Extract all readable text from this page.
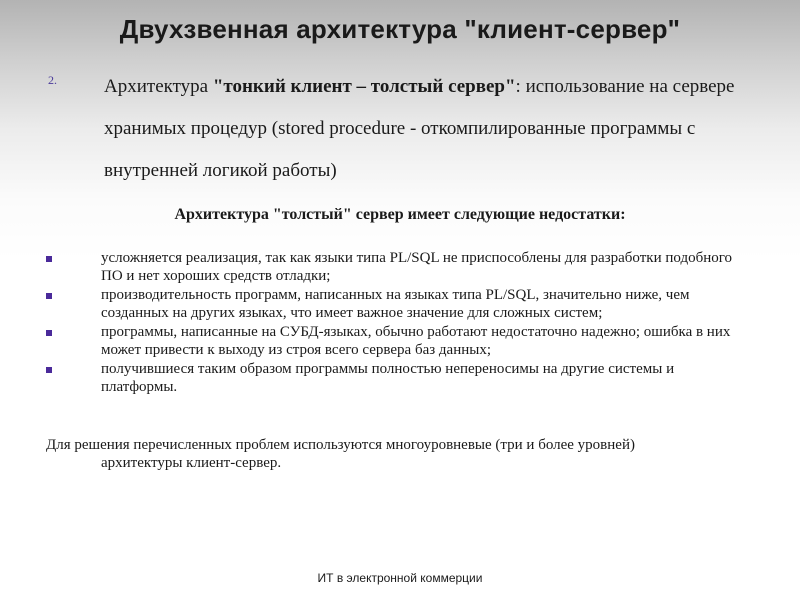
Двухзвенная архитектура "клиент-сервер"
2. Архитектура "тонкий клиент – толстый сервер": использование на сервере хранимых процедур (stored procedure - откомпилированные программы с внутренней логикой работы)
Архитектура "толстый" сервер имеет следующие недостатки:
усложняется реализация, так как языки типа PL/SQL не приспособлены для разработки подобного ПО и нет хороших средств отладки;
производительность программ, написанных на языках типа PL/SQL, значительно ниже, чем созданных на других языках, что имеет важное значение для сложных систем;
программы, написанные на СУБД-языках, обычно работают недостаточно надежно; ошибка в них может привести к выходу из строя всего сервера баз данных;
получившиеся таким образом программы полностью непереносимы на другие системы и платформы.
Для решения перечисленных проблем используются многоуровневые (три и более уровней)
архитектуры клиент-сервер.
ИТ в электронной коммерции
